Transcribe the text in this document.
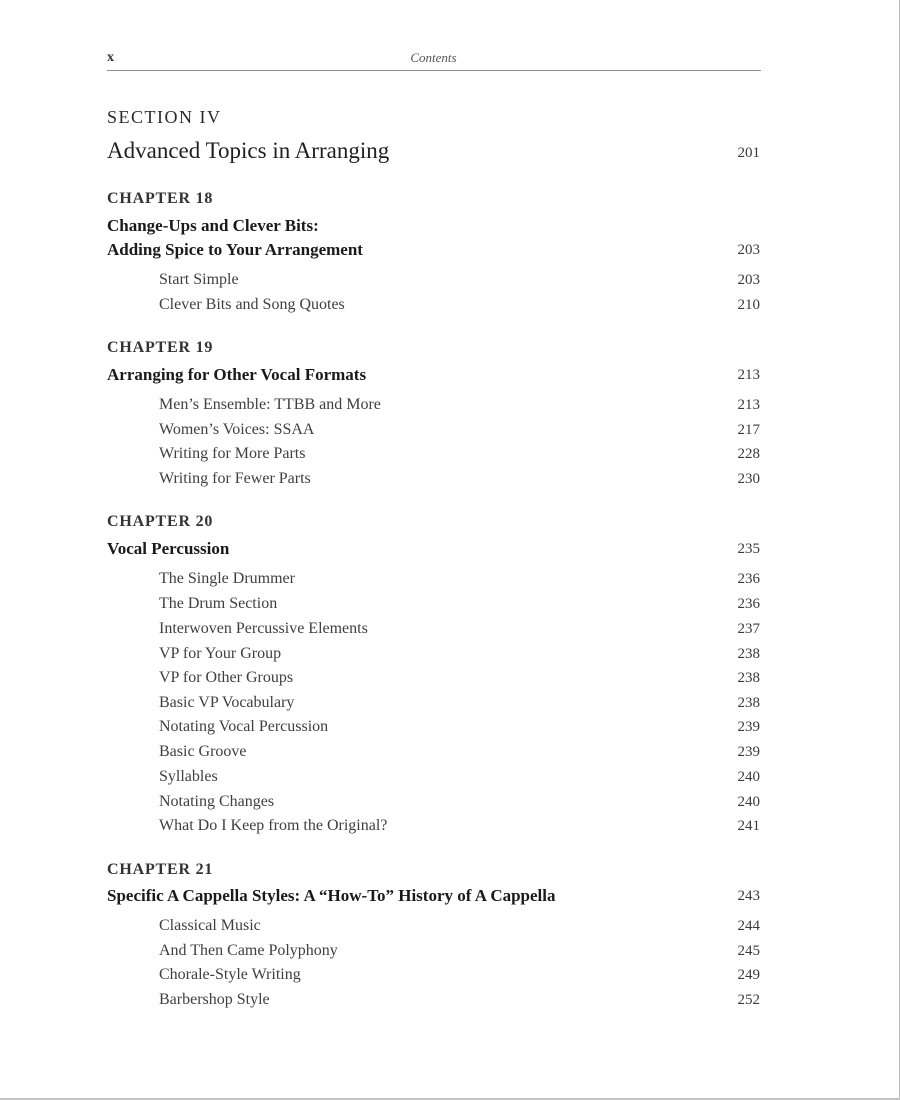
x	Contents
SECTION IV
Advanced Topics in Arranging	201
CHAPTER 18
Change-Ups and Clever Bits:
Adding Spice to Your Arrangement	203
Start Simple	203
Clever Bits and Song Quotes	210
CHAPTER 19
Arranging for Other Vocal Formats	213
Men’s Ensemble: TTBB and More	213
Women’s Voices: SSAA	217
Writing for More Parts	228
Writing for Fewer Parts	230
CHAPTER 20
Vocal Percussion	235
The Single Drummer	236
The Drum Section	236
Interwoven Percussive Elements	237
VP for Your Group	238
VP for Other Groups	238
Basic VP Vocabulary	238
Notating Vocal Percussion	239
Basic Groove	239
Syllables	240
Notating Changes	240
What Do I Keep from the Original?	241
CHAPTER 21
Specific A Cappella Styles: A “How-To” History of A Cappella	243
Classical Music	244
And Then Came Polyphony	245
Chorale-Style Writing	249
Barbershop Style	252
